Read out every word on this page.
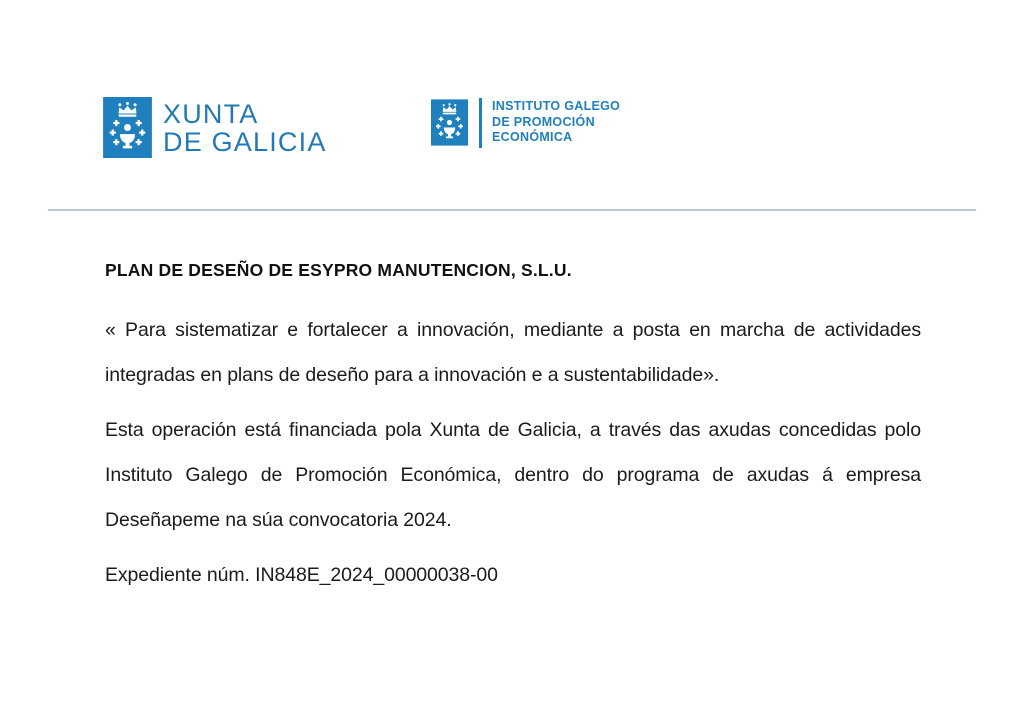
XUNTA
DE GALICIA
INSTITUTO GALEGO
DE PROMOCIÓN
ECONÓMICA
PLAN DE DESEÑO DE ESYPRO MANUTENCION, S.L.U.

« Para sistematizar e fortalecer a innovación, mediante a posta en marcha de actividades integradas en plans de deseño para a innovación e a sustentabilidade».

Esta operación está financiada pola Xunta de Galicia, a través das axudas concedidas polo Instituto Galego de Promoción Económica, dentro do programa de axudas á empresa Deseñapeme na súa convocatoria 2024.

Expediente núm. IN848E_2024_00000038-00
